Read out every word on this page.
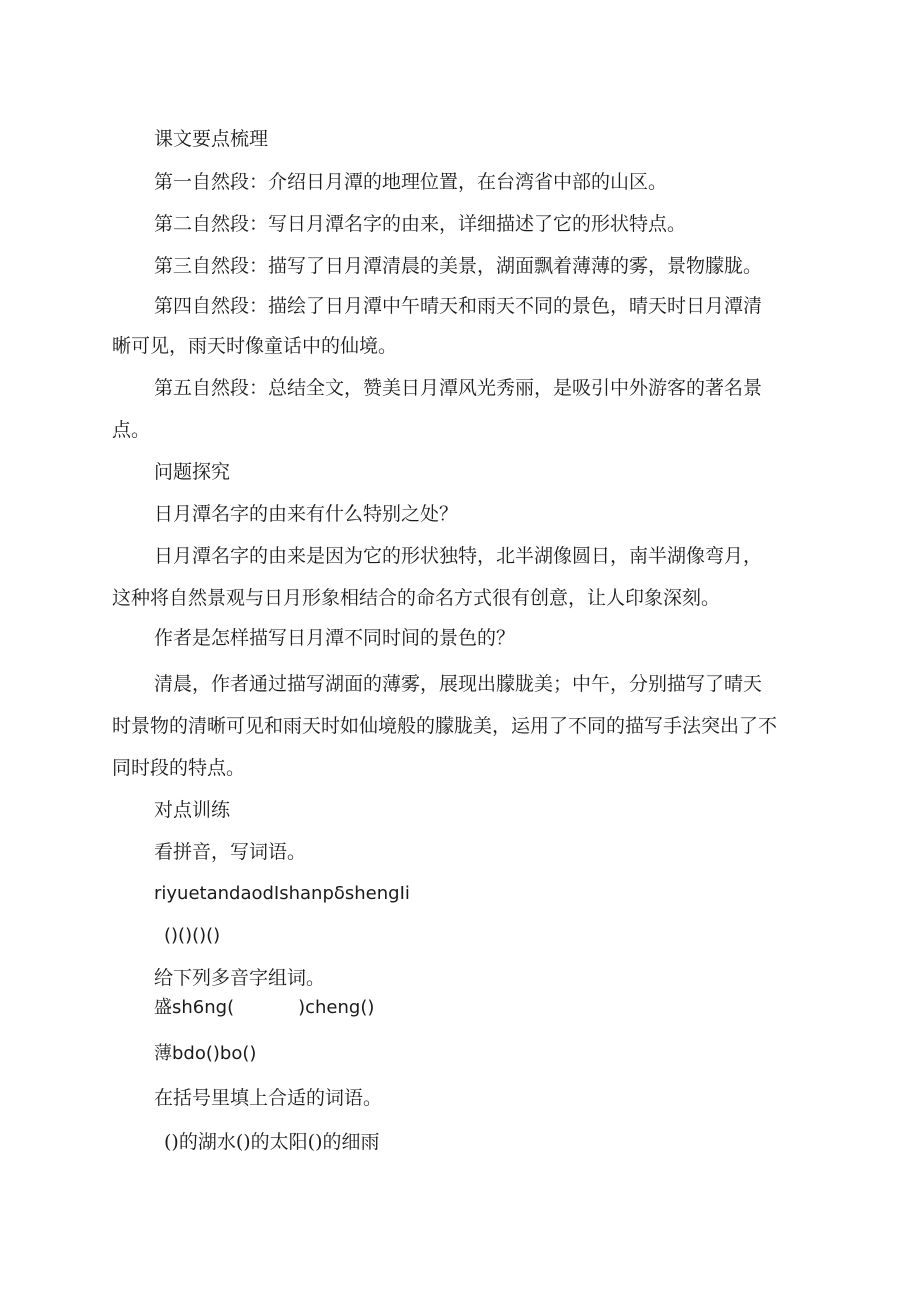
课文要点梳理
第一自然段：介绍日月潭的地理位置，在台湾省中部的山区。
第二自然段：写日月潭名字的由来，详细描述了它的形状特点。
第三自然段：描写了日月潭清晨的美景，湖面飘着薄薄的雾，景物朦胧。
第四自然段：描绘了日月潭中午晴天和雨天不同的景色，晴天时日月潭清
晰可见，雨天时像童话中的仙境。
第五自然段：总结全文，赞美日月潭风光秀丽，是吸引中外游客的著名景
点。
问题探究
日月潭名字的由来有什么特别之处？
日月潭名字的由来是因为它的形状独特，北半湖像圆日，南半湖像弯月，
这种将自然景观与日月形象相结合的命名方式很有创意，让人印象深刻。
作者是怎样描写日月潭不同时间的景色的？
清晨，作者通过描写湖面的薄雾，展现出朦胧美；中午，分别描写了晴天
时景物的清晰可见和雨天时如仙境般的朦胧美，运用了不同的描写手法突出了不
同时段的特点。
对点训练
看拼音，写词语。
riyuetandaodIshanpδshengIi
()()()()
给下列多音字组词。
盛sh6ng(	)cheng()
薄bdo()bo()
在括号里填上合适的词语。
()的湖水()的太阳()的细雨
